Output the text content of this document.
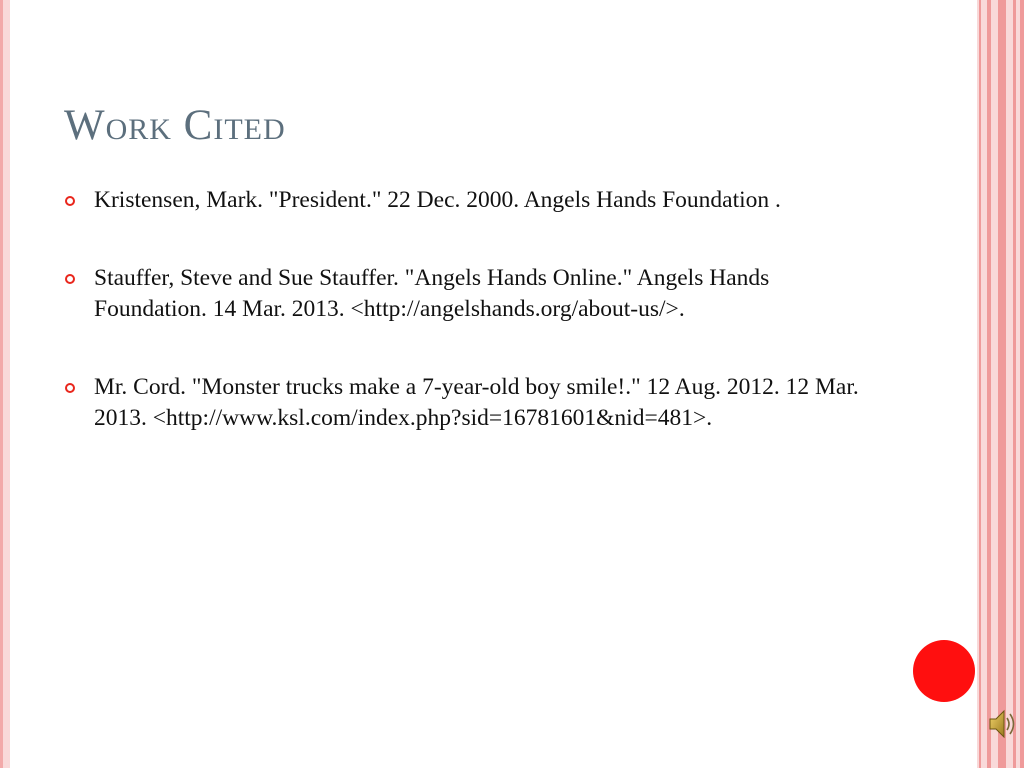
Work Cited
Kristensen, Mark. "President." 22 Dec. 2000. Angels Hands Foundation .
Stauffer, Steve and Sue Stauffer. "Angels Hands Online." Angels Hands Foundation. 14 Mar. 2013. <http://angelshands.org/about-us/>.
Mr. Cord. "Monster trucks make a 7-year-old boy smile!." 12 Aug. 2012. 12 Mar. 2013. <http://www.ksl.com/index.php?sid=16781601&nid=481>.
